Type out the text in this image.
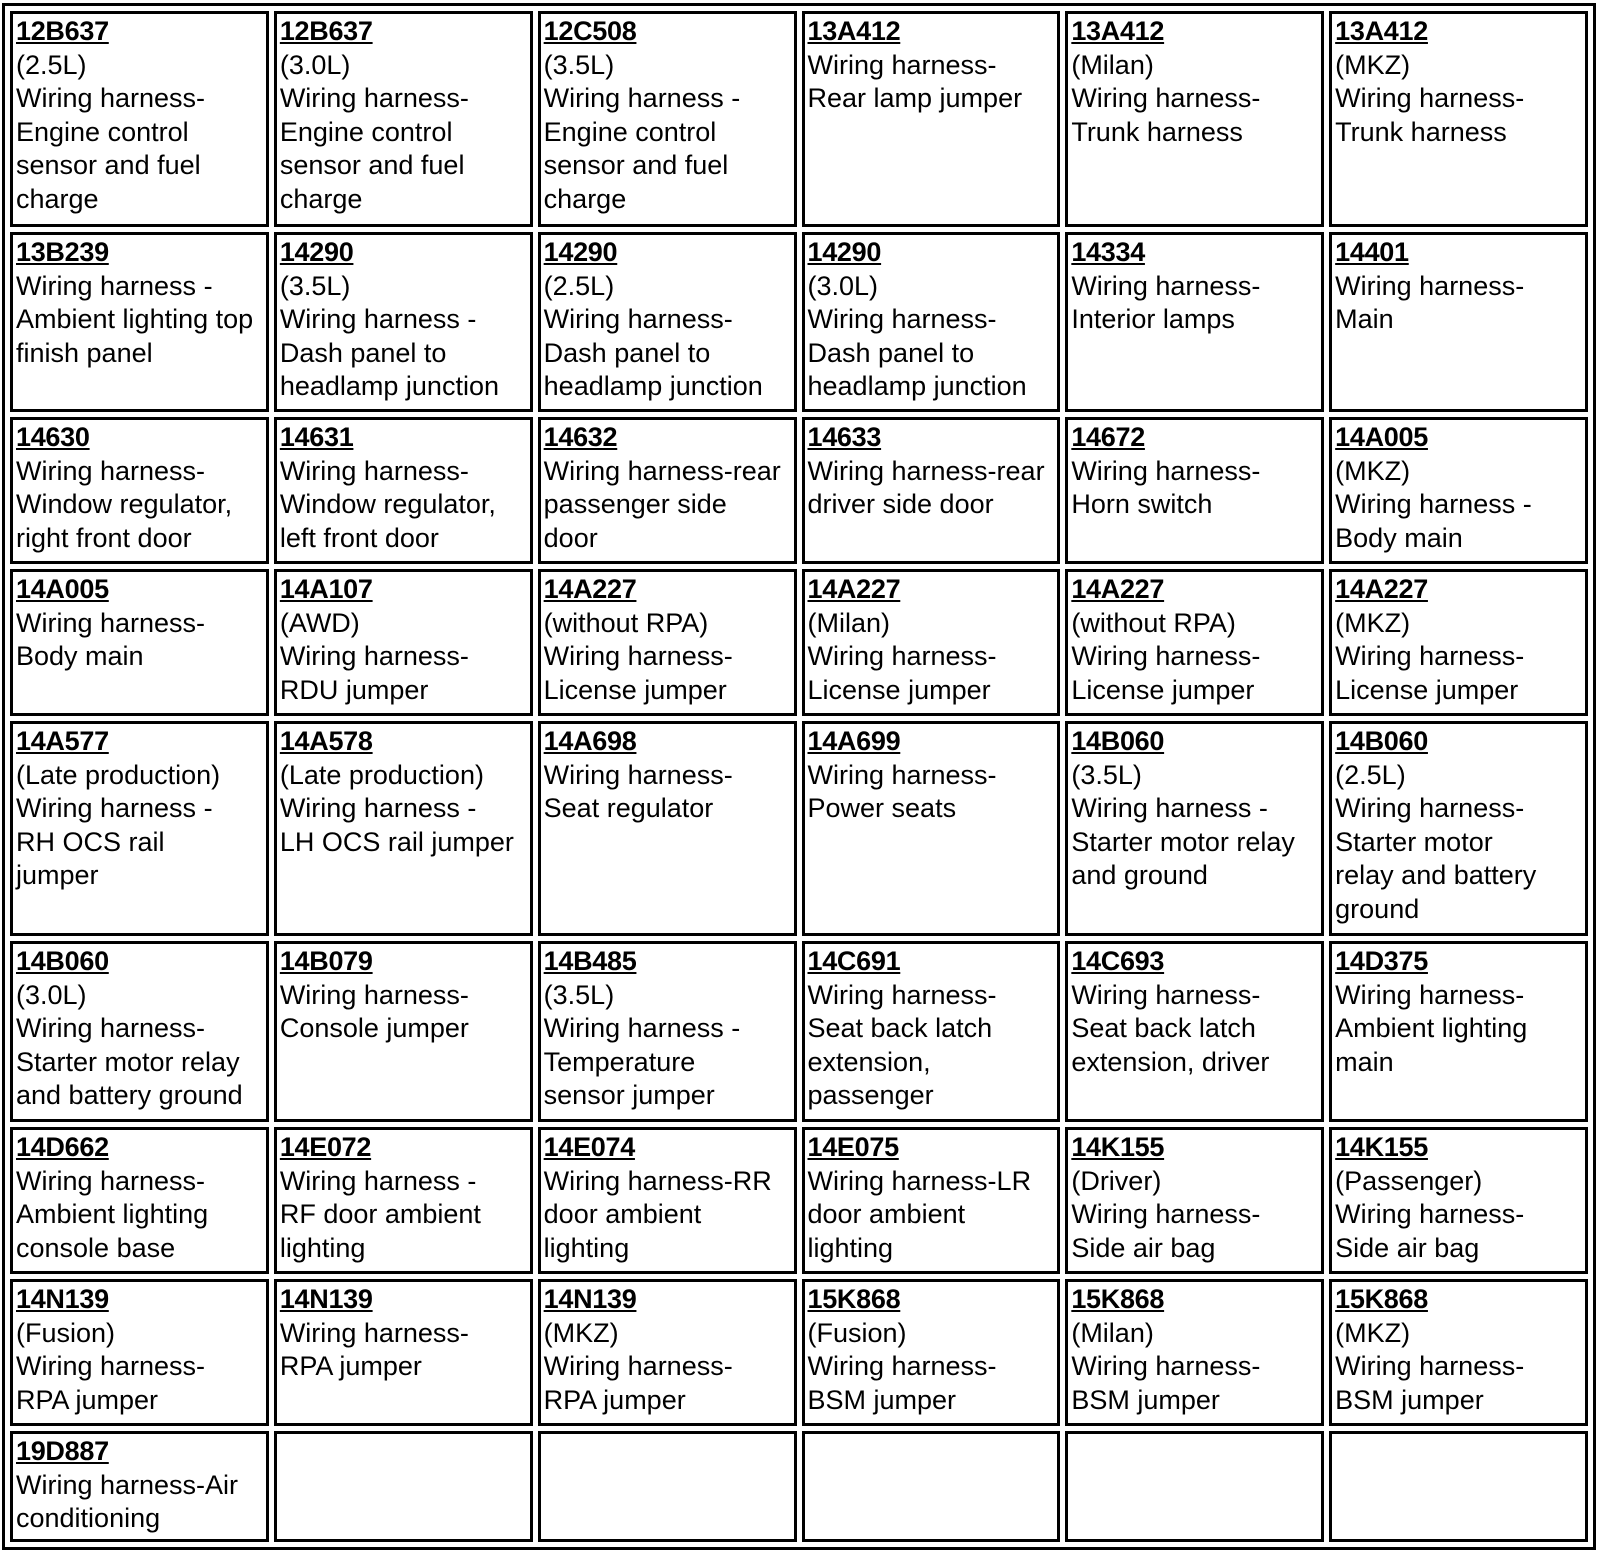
12B637
(2.5L)
Wiring harness-
Engine control
sensor and fuel
charge
12B637
(3.0L)
Wiring harness-
Engine control
sensor and fuel
charge
12C508
(3.5L)
Wiring harness -
Engine control
sensor and fuel
charge
13A412
Wiring harness-
Rear lamp jumper
13A412
(Milan)
Wiring harness-
Trunk harness
13A412
(MKZ)
Wiring harness-
Trunk harness
13B239
Wiring harness -
Ambient lighting top
finish panel
14290
(3.5L)
Wiring harness -
Dash panel to
headlamp junction
14290
(2.5L)
Wiring harness-
Dash panel to
headlamp junction
14290
(3.0L)
Wiring harness-
Dash panel to
headlamp junction
14334
Wiring harness-
Interior lamps
14401
Wiring harness-
Main
14630
Wiring harness-
Window regulator,
right front door
14631
Wiring harness-
Window regulator,
left front door
14632
Wiring harness-rear
passenger side
door
14633
Wiring harness-rear
driver side door
14672
Wiring harness-
Horn switch
14A005
(MKZ)
Wiring harness -
Body main
14A005
Wiring harness-
Body main
14A107
(AWD)
Wiring harness-
RDU jumper
14A227
(without RPA)
Wiring harness-
License jumper
14A227
(Milan)
Wiring harness-
License jumper
14A227
(without RPA)
Wiring harness-
License jumper
14A227
(MKZ)
Wiring harness-
License jumper
14A577
(Late production)
Wiring harness -
RH OCS rail
jumper
14A578
(Late production)
Wiring harness -
LH OCS rail jumper
14A698
Wiring harness-
Seat regulator
14A699
Wiring harness-
Power seats
14B060
(3.5L)
Wiring harness -
Starter motor relay
and ground
14B060
(2.5L)
Wiring harness-
Starter motor
relay and battery
ground
14B060
(3.0L)
Wiring harness-
Starter motor relay
and battery ground
14B079
Wiring harness-
Console jumper
14B485
(3.5L)
Wiring harness -
Temperature
sensor jumper
14C691
Wiring harness-
Seat back latch
extension,
passenger
14C693
Wiring harness-
Seat back latch
extension, driver
14D375
Wiring harness-
Ambient lighting
main
14D662
Wiring harness-
Ambient lighting
console base
14E072
Wiring harness -
RF door ambient
lighting
14E074
Wiring harness-RR
door ambient
lighting
14E075
Wiring harness-LR
door ambient
lighting
14K155
(Driver)
Wiring harness-
Side air bag
14K155
(Passenger)
Wiring harness-
Side air bag
14N139
(Fusion)
Wiring harness-
RPA jumper
14N139
Wiring harness-
RPA jumper
14N139
(MKZ)
Wiring harness-
RPA jumper
15K868
(Fusion)
Wiring harness-
BSM jumper
15K868
(Milan)
Wiring harness-
BSM jumper
15K868
(MKZ)
Wiring harness-
BSM jumper
19D887
Wiring harness-Air
conditioning
